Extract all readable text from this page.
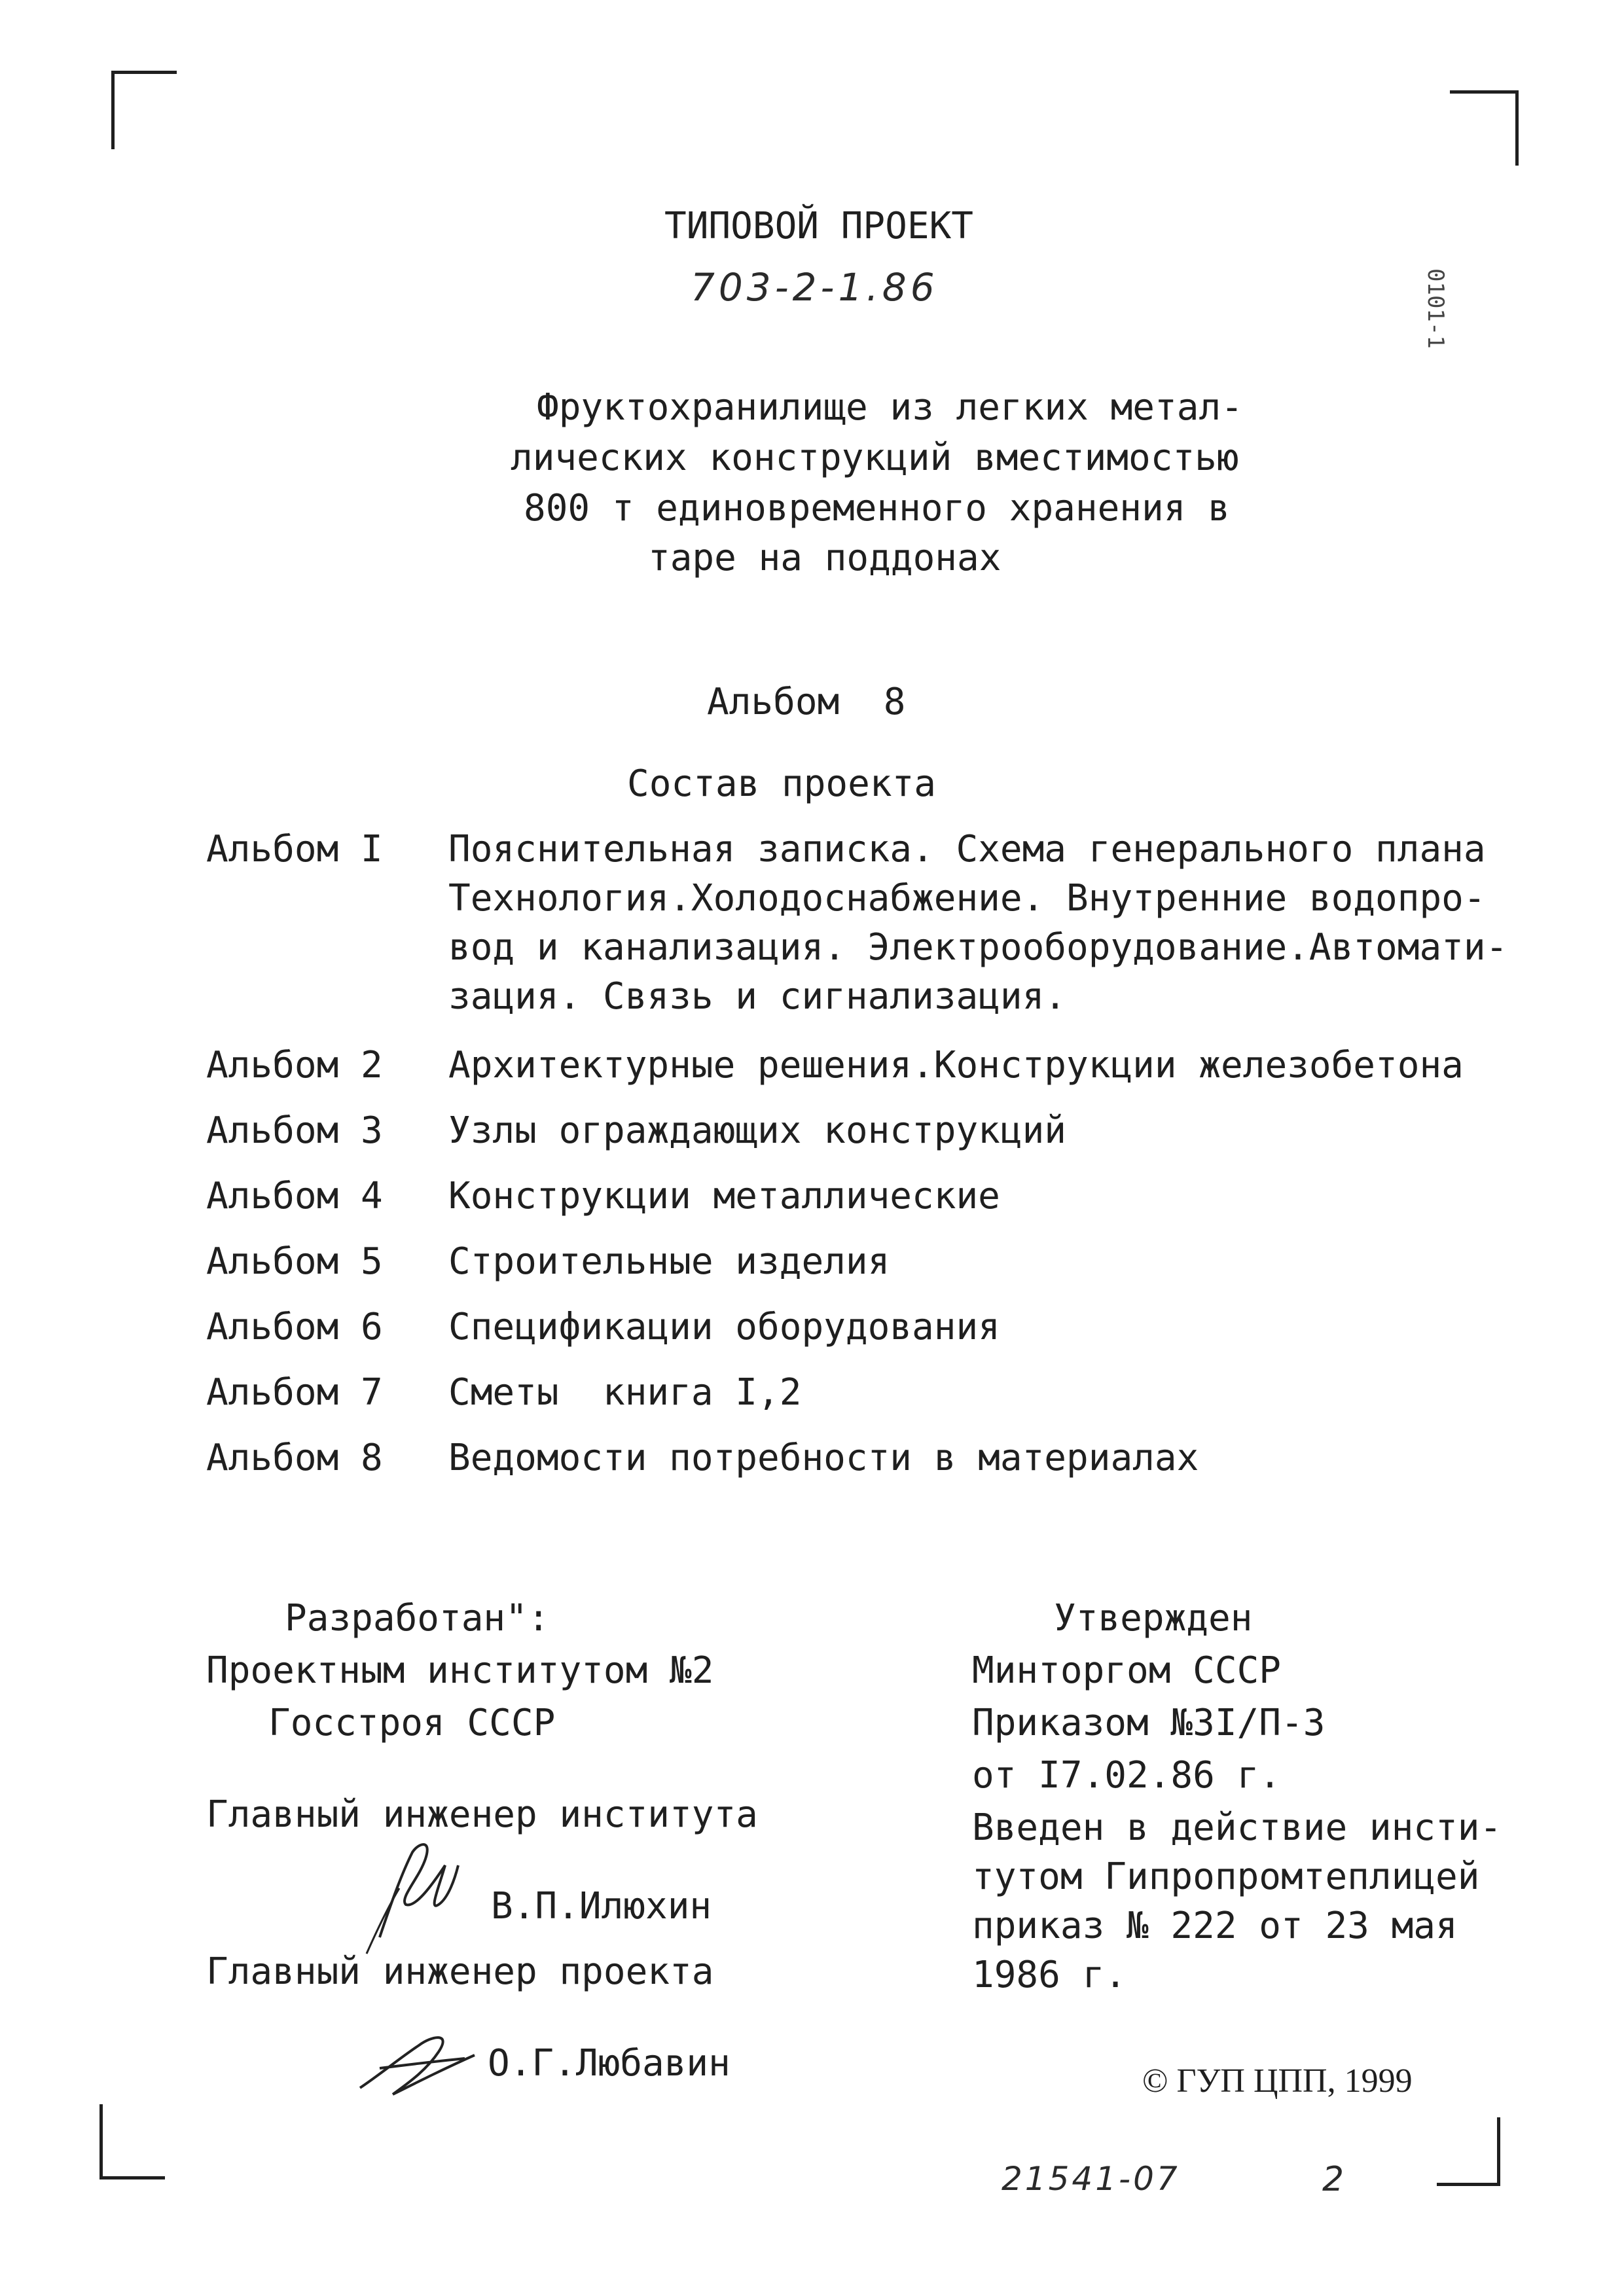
0101-1
ТИПОВОЙ ПРОЕКТ
703-2-1.86
Фруктохранилище из легких метал-
лических конструкций вместимостью
800 т единовременного хранения в
таре на поддонах
Альбом  8
Состав проекта
Альбом I	Пояснительная записка. Схема генерального плана
Технология.Холодоснабжение. Внутренние водопро-
вод и канализация. Электрооборудование.Автомати-
зация. Связь и сигнализация.
Альбом 2	Архитектурные решения.Конструкции железобетона
Альбом 3	Узлы ограждающих конструкций
Альбом 4	Конструкции металлические
Альбом 5	Строительные изделия
Альбом 6	Спецификации оборудования
Альбом 7	Сметы  книга I,2
Альбом 8	Ведомости потребности в материалах
Разработан":
Проектным институтом №2
Госстроя СССР
Главный инженер института
В.П.Илюхин
Главный инженер проекта
О.Г.Любавин
Утвержден
Минторгом СССР
Приказом №3I/П-3
от I7.02.86 г.
Введен в действие инсти-
тутом Гипропромтеплицей
приказ № 222 от 23 мая
1986 г.
© ГУП ЦПП, 1999
21541-07	2
